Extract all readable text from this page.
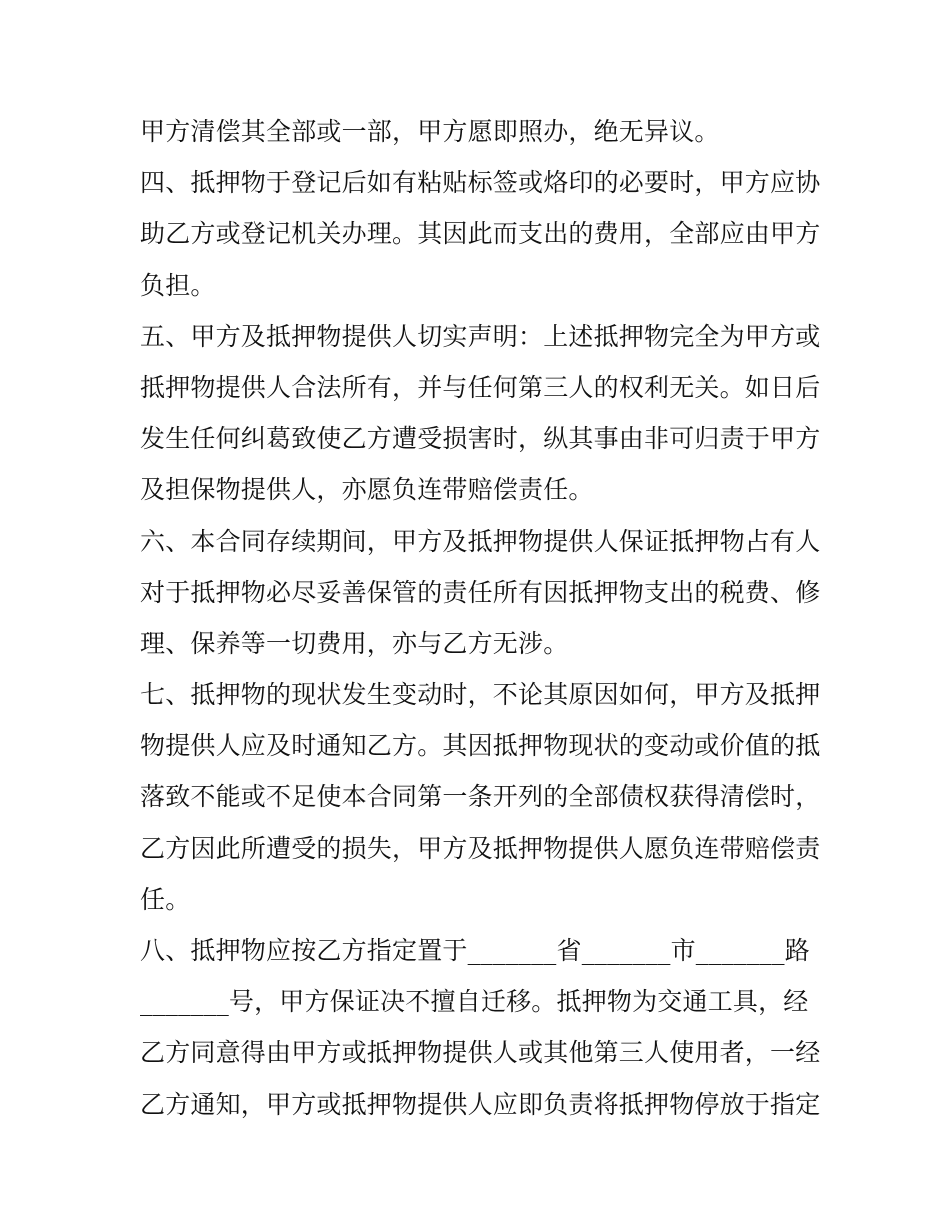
甲方清偿其全部或一部，甲方愿即照办，绝无异议。
四、抵押物于登记后如有粘贴标签或烙印的必要时，甲方应协
助乙方或登记机关办理。其因此而支出的费用，全部应由甲方
负担。
五、甲方及抵押物提供人切实声明：上述抵押物完全为甲方或
抵押物提供人合法所有，并与任何第三人的权利无关。如日后
发生任何纠葛致使乙方遭受损害时，纵其事由非可归责于甲方
及担保物提供人，亦愿负连带赔偿责任。
六、本合同存续期间，甲方及抵押物提供人保证抵押物占有人
对于抵押物必尽妥善保管的责任所有因抵押物支出的税费、修
理、保养等一切费用，亦与乙方无涉。
七、抵押物的现状发生变动时，不论其原因如何，甲方及抵押
物提供人应及时通知乙方。其因抵押物现状的变动或价值的抵
落致不能或不足使本合同第一条开列的全部债权获得清偿时，
乙方因此所遭受的损失，甲方及抵押物提供人愿负连带赔偿责
任。
八、抵押物应按乙方指定置于_______省_______市_______路
_______号，甲方保证决不擅自迁移。抵押物为交通工具，经
乙方同意得由甲方或抵押物提供人或其他第三人使用者，一经
乙方通知，甲方或抵押物提供人应即负责将抵押物停放于指定
